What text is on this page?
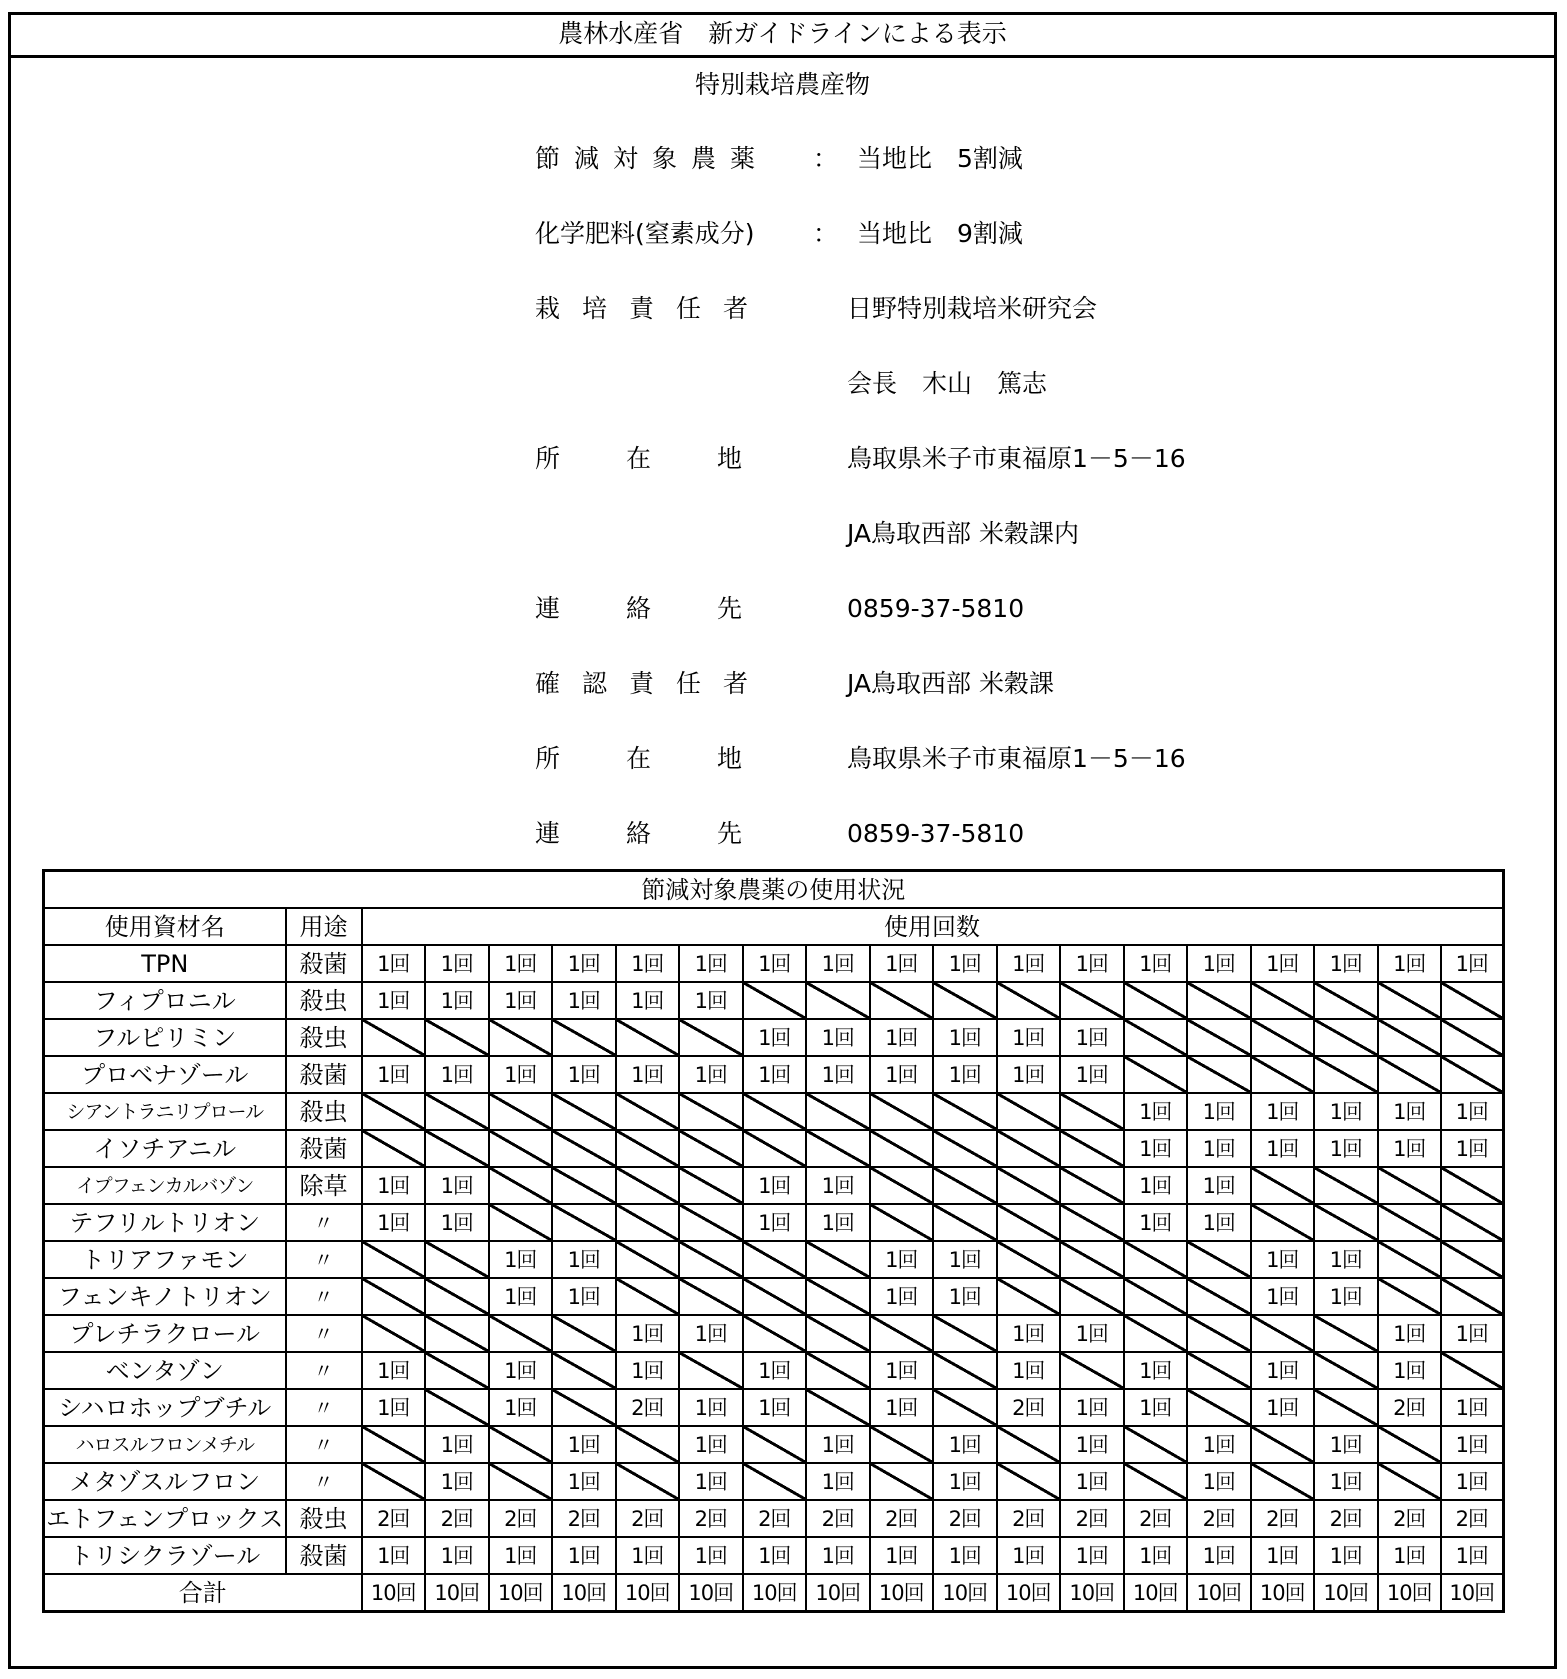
農林水産省　新ガイドラインによる表示
特別栽培農産物
節減対象農薬 ： 当地比　5割減
化学肥料(窒素成分)	： 当地比　9割減
栽培責任者	日野特別栽培米研究会
会長　木山　篤志
所在地 鳥取県米子市東福原1－5－16
JA鳥取西部 米穀課内
連絡先 0859-37-5810
確認責任者	JA鳥取西部 米穀課
所在地 鳥取県米子市東福原1－5－16
連絡先 0859-37-5810
節減対象農薬の使用状況																			
使用資材名	用途	使用回数																	
TPN	殺菌	1回	1回	1回	1回	1回	1回	1回	1回	1回	1回	1回	1回	1回	1回	1回	1回	1回	1回
フィプロニル	殺虫	1回	1回	1回	1回	1回	1回												
フルピリミン	殺虫							1回	1回	1回	1回	1回	1回						
プロベナゾール	殺菌	1回	1回	1回	1回	1回	1回	1回	1回	1回	1回	1回	1回						
シアントラニリプロール	殺虫													1回	1回	1回	1回	1回	1回
イソチアニル	殺菌													1回	1回	1回	1回	1回	1回
イプフェンカルバゾン	除草	1回	1回					1回	1回					1回	1回				
テフリルトリオン	〃	1回	1回					1回	1回					1回	1回				
トリアファモン	〃			1回	1回					1回	1回					1回	1回		
フェンキノトリオン	〃			1回	1回					1回	1回					1回	1回		
プレチラクロール	〃					1回	1回					1回	1回					1回	1回
ベンタゾン	〃	1回		1回		1回		1回		1回		1回		1回		1回		1回	
シハロホップブチル	〃	1回		1回		2回	1回	1回		1回		2回	1回	1回		1回		2回	1回
ハロスルフロンメチル	〃		1回		1回		1回		1回		1回		1回		1回		1回		1回
メタゾスルフロン	〃		1回		1回		1回		1回		1回		1回		1回		1回		1回
エトフェンプロックス	殺虫	2回	2回	2回	2回	2回	2回	2回	2回	2回	2回	2回	2回	2回	2回	2回	2回	2回	2回
トリシクラゾール	殺菌	1回	1回	1回	1回	1回	1回	1回	1回	1回	1回	1回	1回	1回	1回	1回	1回	1回	1回
合計		10回	10回	10回	10回	10回	10回	10回	10回	10回	10回	10回	10回	10回	10回	10回	10回	10回	10回
